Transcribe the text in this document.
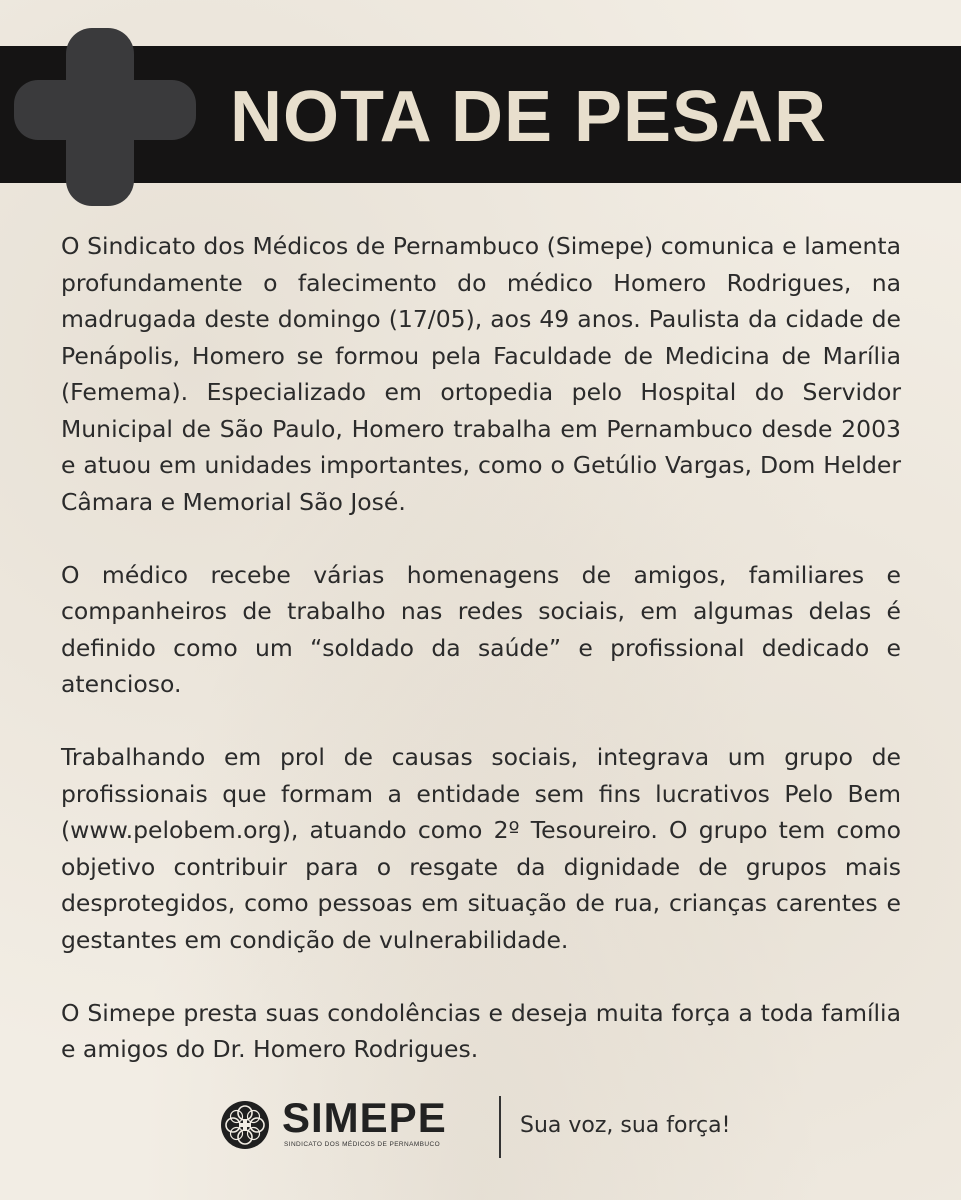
NOTA DE PESAR

O Sindicato dos Médicos de Pernambuco (Simepe) comunica e lamenta profundamente o falecimento do médico Homero Rodrigues, na madrugada deste domingo (17/05), aos 49 anos. Paulista da cidade de Penápolis, Homero se formou pela Faculdade de Medicina de Marília (Femema). Especializado em ortopedia pelo Hospital do Servidor Municipal de São Paulo, Homero trabalha em Pernambuco desde 2003 e atuou em unidades importantes, como o Getúlio Vargas, Dom Helder Câmara e Memorial São José.

O médico recebe várias homenagens de amigos, familiares e companheiros de trabalho nas redes sociais, em algumas delas é definido como um “soldado da saúde” e profissional dedicado e atencioso.

Trabalhando em prol de causas sociais, integrava um grupo de profissionais que formam a entidade sem fins lucrativos Pelo Bem (www.pelobem.org), atuando como 2º Tesoureiro. O grupo tem como objetivo contribuir para o resgate da dignidade de grupos mais desprotegidos, como pessoas em situação de rua, crianças carentes e gestantes em condição de vulnerabilidade.

O Simepe presta suas condolências e deseja muita força a toda família e amigos do Dr. Homero Rodrigues.

SIMEPE
SINDICATO DOS MÉDICOS DE PERNAMBUCO
Sua voz, sua força!
